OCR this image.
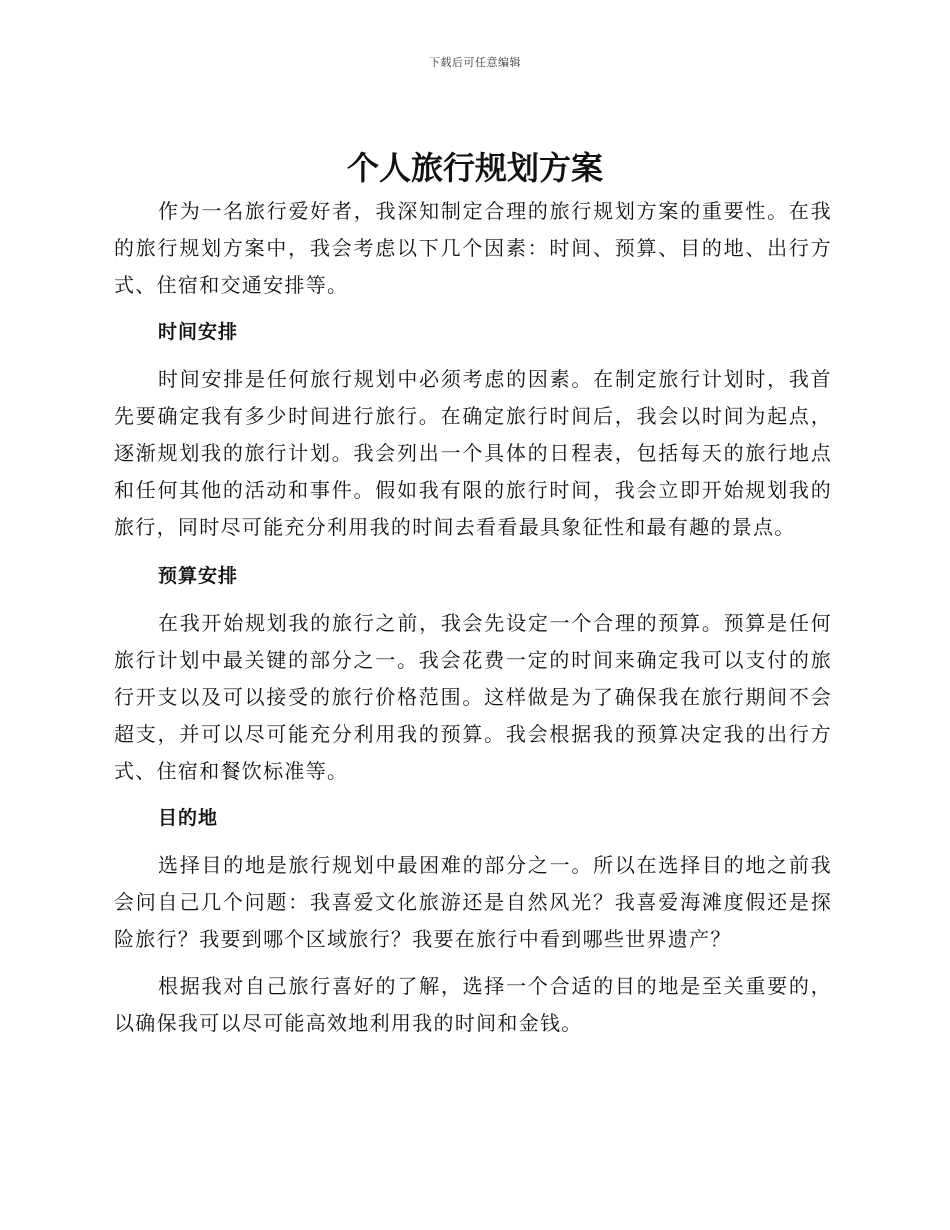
下载后可任意编辑
个人旅行规划方案

作为一名旅行爱好者，我深知制定合理的旅行规划方案的重要性。在我的旅行规划方案中，我会考虑以下几个因素：时间、预算、目的地、出行方式、住宿和交通安排等。

时间安排

时间安排是任何旅行规划中必须考虑的因素。在制定旅行计划时，我首先要确定我有多少时间进行旅行。在确定旅行时间后，我会以时间为起点，逐渐规划我的旅行计划。我会列出一个具体的日程表，包括每天的旅行地点和任何其他的活动和事件。假如我有限的旅行时间，我会立即开始规划我的旅行，同时尽可能充分利用我的时间去看看最具象征性和最有趣的景点。

预算安排

在我开始规划我的旅行之前，我会先设定一个合理的预算。预算是任何旅行计划中最关键的部分之一。我会花费一定的时间来确定我可以支付的旅行开支以及可以接受的旅行价格范围。这样做是为了确保我在旅行期间不会超支，并可以尽可能充分利用我的预算。我会根据我的预算决定我的出行方式、住宿和餐饮标准等。

目的地

选择目的地是旅行规划中最困难的部分之一。所以在选择目的地之前我会问自己几个问题：我喜爱文化旅游还是自然风光？我喜爱海滩度假还是探险旅行？我要到哪个区域旅行？我要在旅行中看到哪些世界遗产？

根据我对自己旅行喜好的了解，选择一个合适的目的地是至关重要的，以确保我可以尽可能高效地利用我的时间和金钱。
